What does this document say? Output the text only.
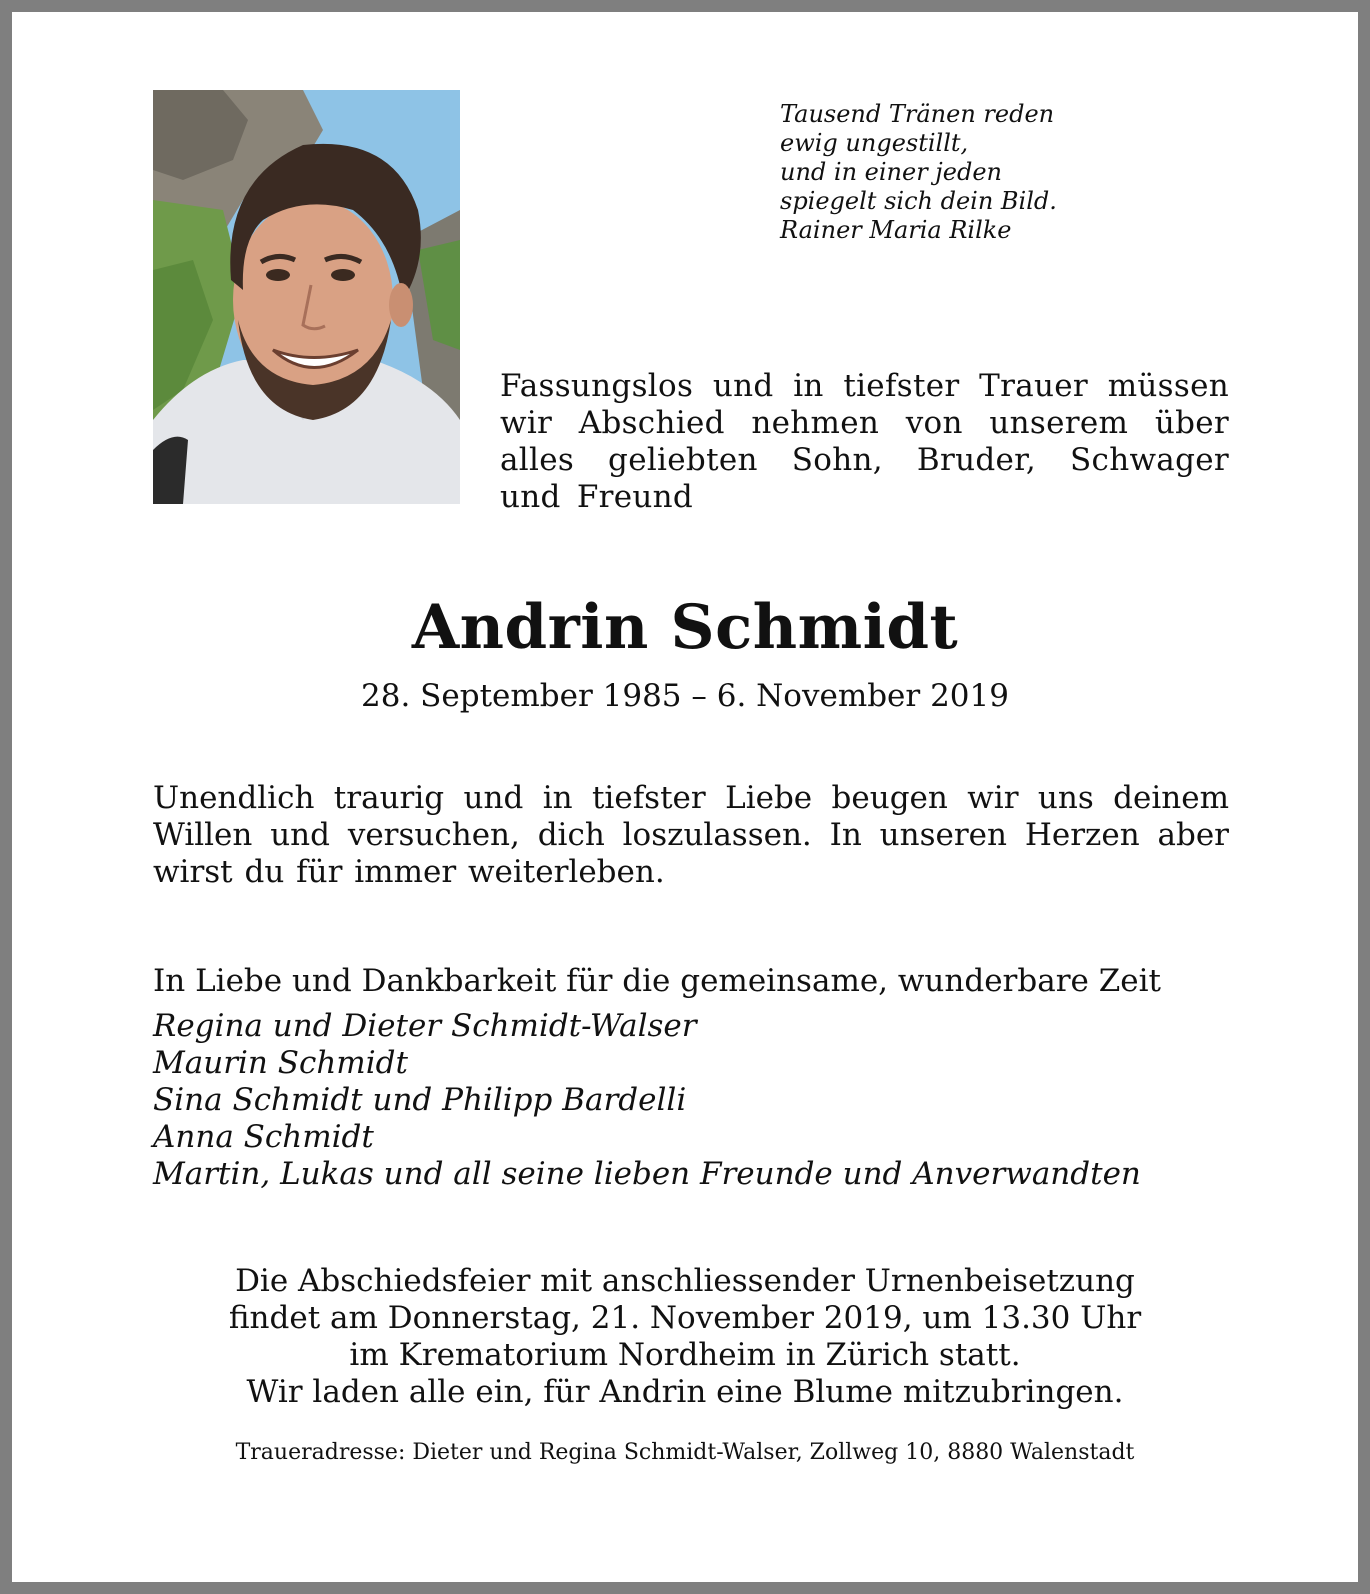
Tausend Tränen reden
ewig ungestillt,
und in einer jeden
spiegelt sich dein Bild.
Rainer Maria Rilke
Fassungslos und in tiefster Trauer müssen wir Abschied nehmen von unserem über alles geliebten Sohn, Bruder, Schwager und Freund
Andrin Schmidt
28. September 1985 – 6. November 2019
Unendlich traurig und in tiefster Liebe beugen wir uns deinem Willen und versuchen, dich loszulassen. In unseren Herzen aber wirst du für immer weiterleben.
In Liebe und Dankbarkeit für die gemeinsame, wunderbare Zeit
Regina und Dieter Schmidt-Walser
Maurin Schmidt
Sina Schmidt und Philipp Bardelli
Anna Schmidt
Martin, Lukas und all seine lieben Freunde und Anverwandten
Die Abschiedsfeier mit anschliessender Urnenbeisetzung
findet am Donnerstag, 21. November 2019, um 13.30 Uhr
im Krematorium Nordheim in Zürich statt.
Wir laden alle ein, für Andrin eine Blume mitzubringen.
Traueradresse: Dieter und Regina Schmidt-Walser, Zollweg 10, 8880 Walenstadt
